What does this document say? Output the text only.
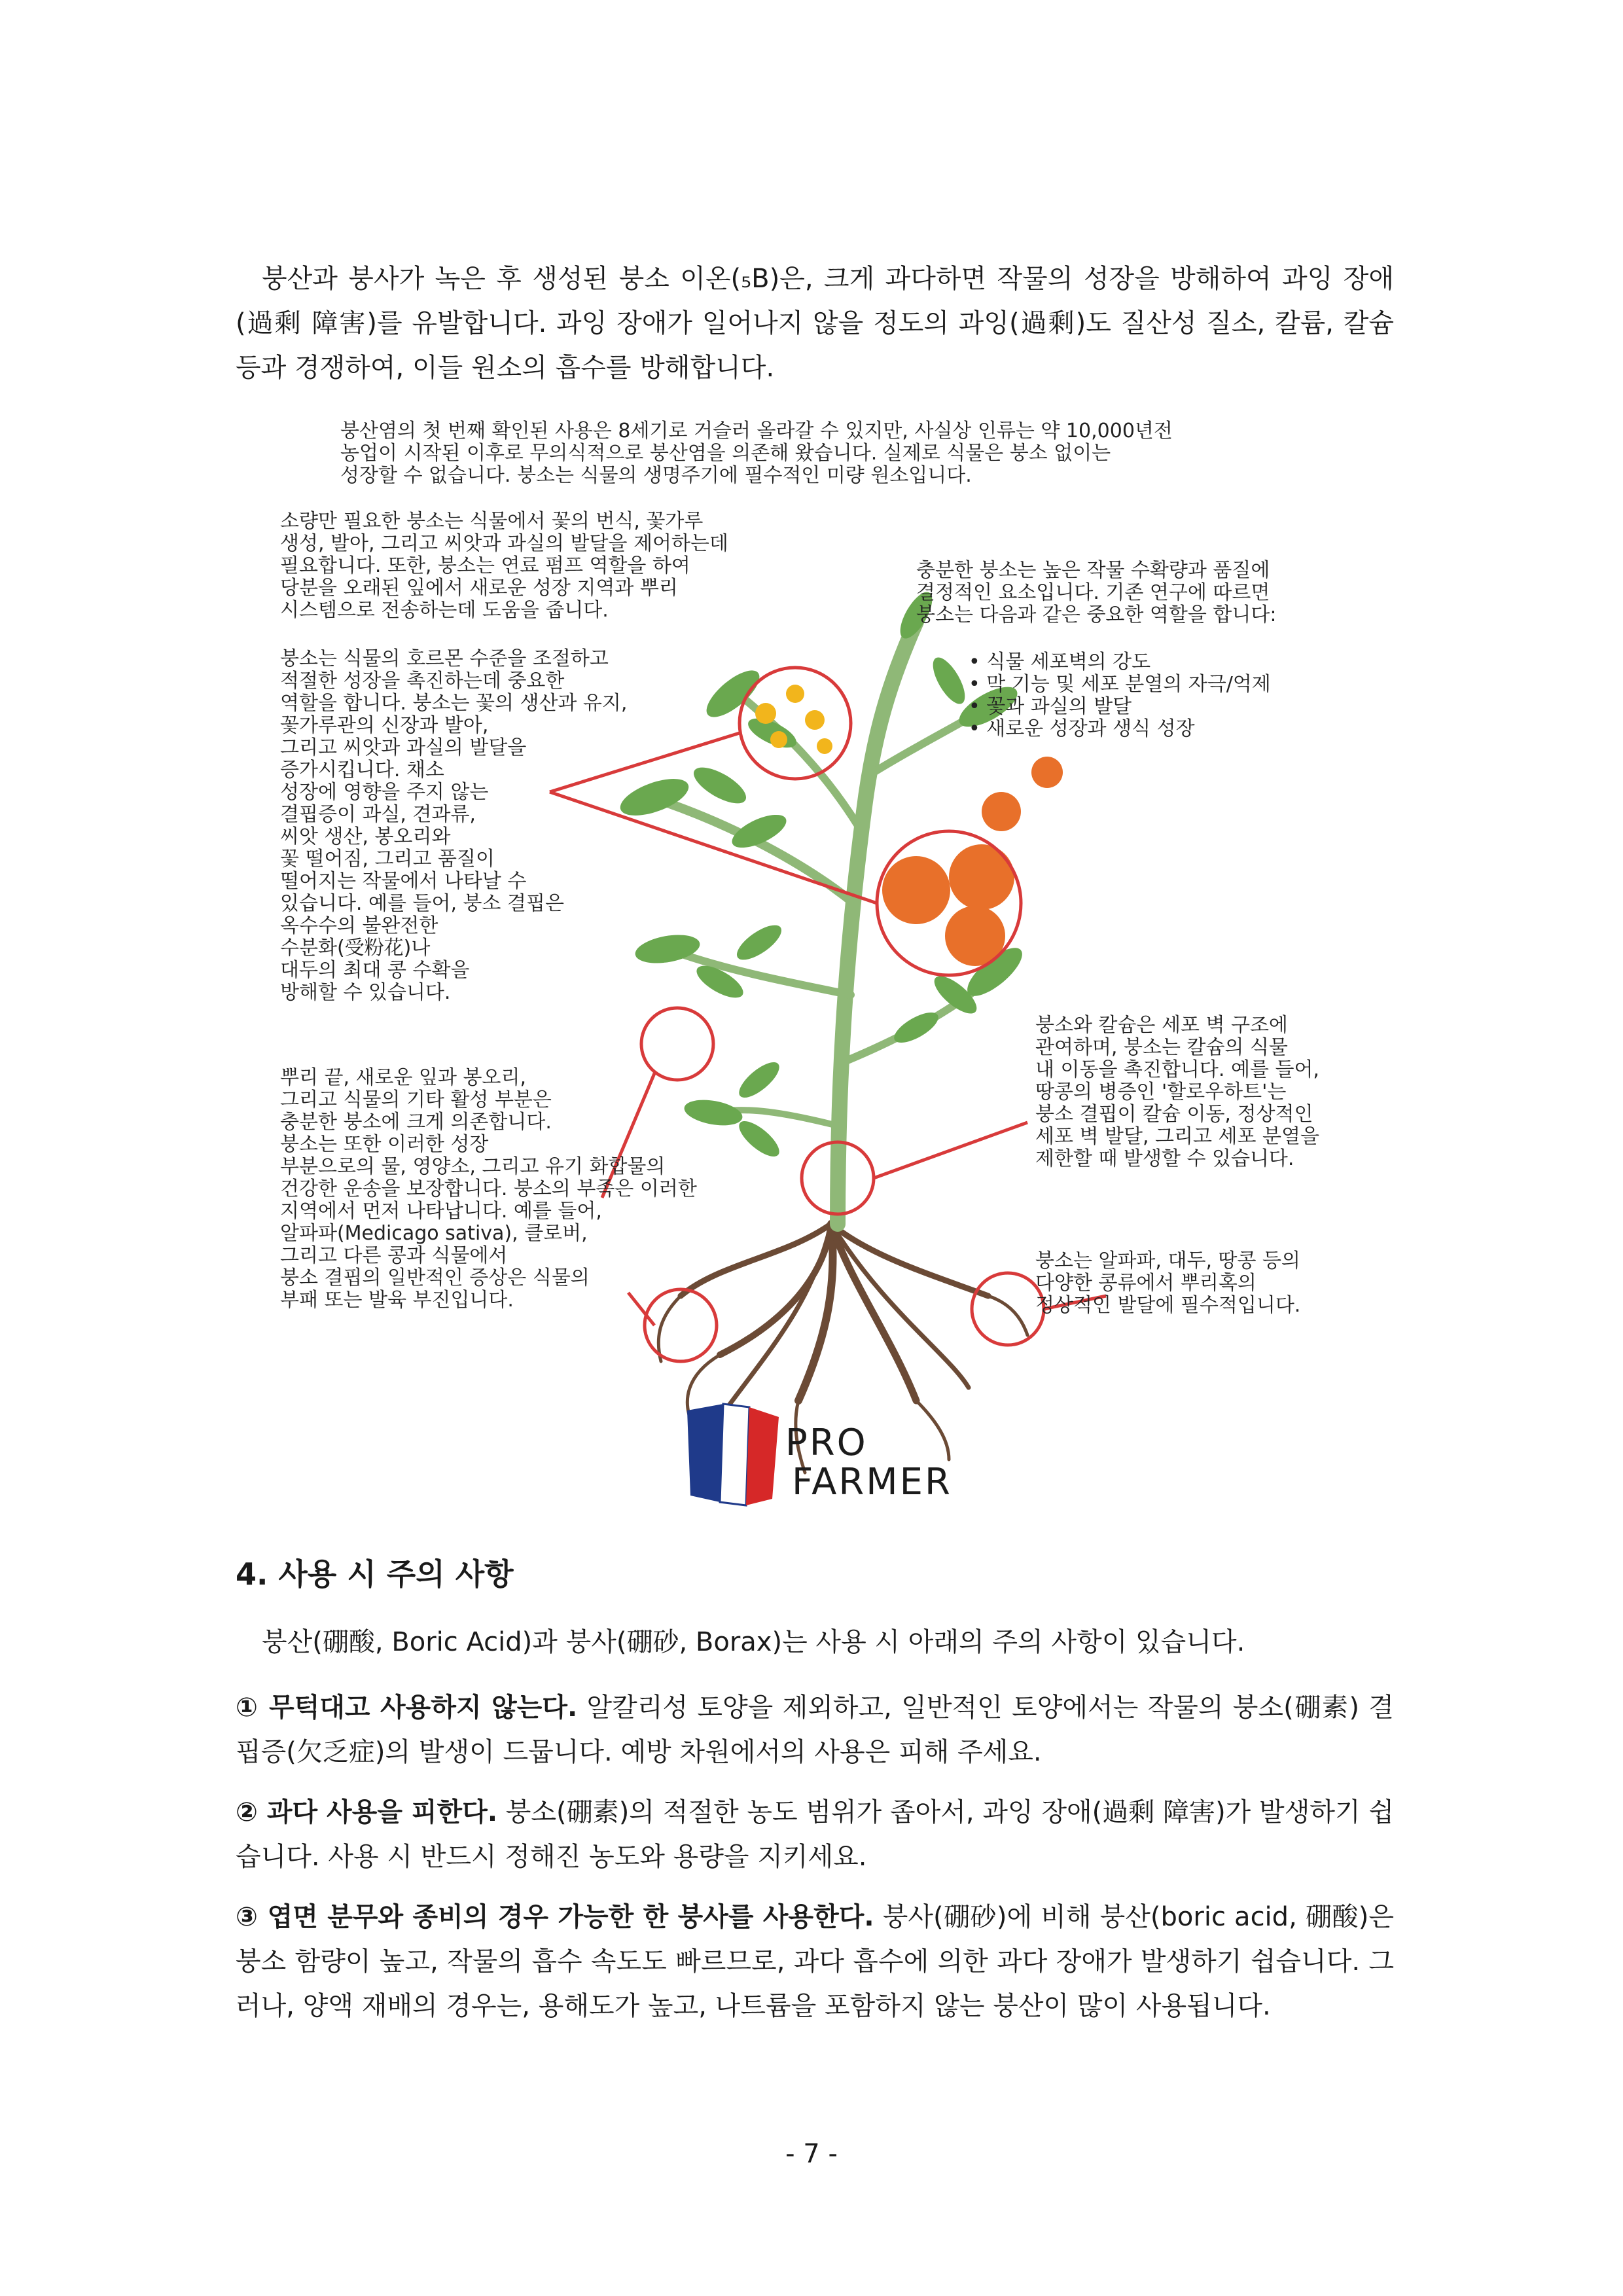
붕산과 붕사가 녹은 후 생성된 붕소 이온(₅B)은, 크게 과다하면 작물의 성장을 방해하여 과잉 장애(過剩 障害)를 유발합니다. 과잉 장애가 일어나지 않을 정도의 과잉(過剩)도 질산성 질소, 칼륨, 칼슘 등과 경쟁하여, 이들 원소의 흡수를 방해합니다.

붕산염의 첫 번째 확인된 사용은 8세기로 거슬러 올라갈 수 있지만, 사실상 인류는 약 10,000년전
농업이 시작된 이후로 무의식적으로 붕산염을 의존해 왔습니다. 실제로 식물은 붕소 없이는
성장할 수 없습니다. 붕소는 식물의 생명주기에 필수적인 미량 원소입니다.

소량만 필요한 붕소는 식물에서 꽃의 번식, 꽃가루
생성, 발아, 그리고 씨앗과 과실의 발달을 제어하는데
필요합니다. 또한, 붕소는 연료 펌프 역할을 하여
당분을 오래된 잎에서 새로운 성장 지역과 뿌리
시스템으로 전송하는데 도움을 줍니다.

붕소는 식물의 호르몬 수준을 조절하고
적절한 성장을 촉진하는데 중요한
역할을 합니다. 붕소는 꽃의 생산과 유지,
꽃가루관의 신장과 발아,
그리고 씨앗과 과실의 발달을
증가시킵니다. 채소
성장에 영향을 주지 않는
결핍증이 과실, 견과류,
씨앗 생산, 봉오리와
꽃 떨어짐, 그리고 품질이
떨어지는 작물에서 나타날 수
있습니다. 예를 들어, 붕소 결핍은
옥수수의 불완전한
수분화(受粉花)나
대두의 최대 콩 수확을
방해할 수 있습니다.

뿌리 끝, 새로운 잎과 봉오리,
그리고 식물의 기타 활성 부분은
충분한 붕소에 크게 의존합니다.
붕소는 또한 이러한 성장
부분으로의 물, 영양소, 그리고 유기 화합물의
건강한 운송을 보장합니다. 붕소의 부족은 이러한
지역에서 먼저 나타납니다. 예를 들어,
알파파(Medicago sativa), 클로버,
그리고 다른 콩과 식물에서
붕소 결핍의 일반적인 증상은 식물의
부패 또는 발육 부진입니다.

충분한 붕소는 높은 작물 수확량과 품질에
결정적인 요소입니다. 기존 연구에 따르면
붕소는 다음과 같은 중요한 역할을 합니다:

• 식물 세포벽의 강도
• 막 기능 및 세포 분열의 자극/억제
• 꽃과 과실의 발달
• 새로운 성장과 생식 성장

붕소와 칼슘은 세포 벽 구조에
관여하며, 붕소는 칼슘의 식물
내 이동을 촉진합니다. 예를 들어,
땅콩의 병증인 '할로우하트'는
붕소 결핍이 칼슘 이동, 정상적인
세포 벽 발달, 그리고 세포 분열을
제한할 때 발생할 수 있습니다.

붕소는 알파파, 대두, 땅콩 등의
다양한 콩류에서 뿌리혹의
정상적인 발달에 필수적입니다.

PRO
FARMER
4. 사용 시 주의 사항

붕산(硼酸, Boric Acid)과 붕사(硼砂, Borax)는 사용 시 아래의 주의 사항이 있습니다.

① 무턱대고 사용하지 않는다. 알칼리성 토양을 제외하고, 일반적인 토양에서는 작물의 붕소(硼素) 결핍증(欠乏症)의 발생이 드뭅니다. 예방 차원에서의 사용은 피해 주세요.

② 과다 사용을 피한다. 붕소(硼素)의 적절한 농도 범위가 좁아서, 과잉 장애(過剩 障害)가 발생하기 쉽습니다. 사용 시 반드시 정해진 농도와 용량을 지키세요.

③ 엽면 분무와 종비의 경우 가능한 한 붕사를 사용한다. 붕사(硼砂)에 비해 붕산(boric acid, 硼酸)은 붕소 함량이 높고, 작물의 흡수 속도도 빠르므로, 과다 흡수에 의한 과다 장애가 발생하기 쉽습니다. 그러나, 양액 재배의 경우는, 용해도가 높고, 나트륨을 포함하지 않는 붕산이 많이 사용됩니다.

- 7 -
